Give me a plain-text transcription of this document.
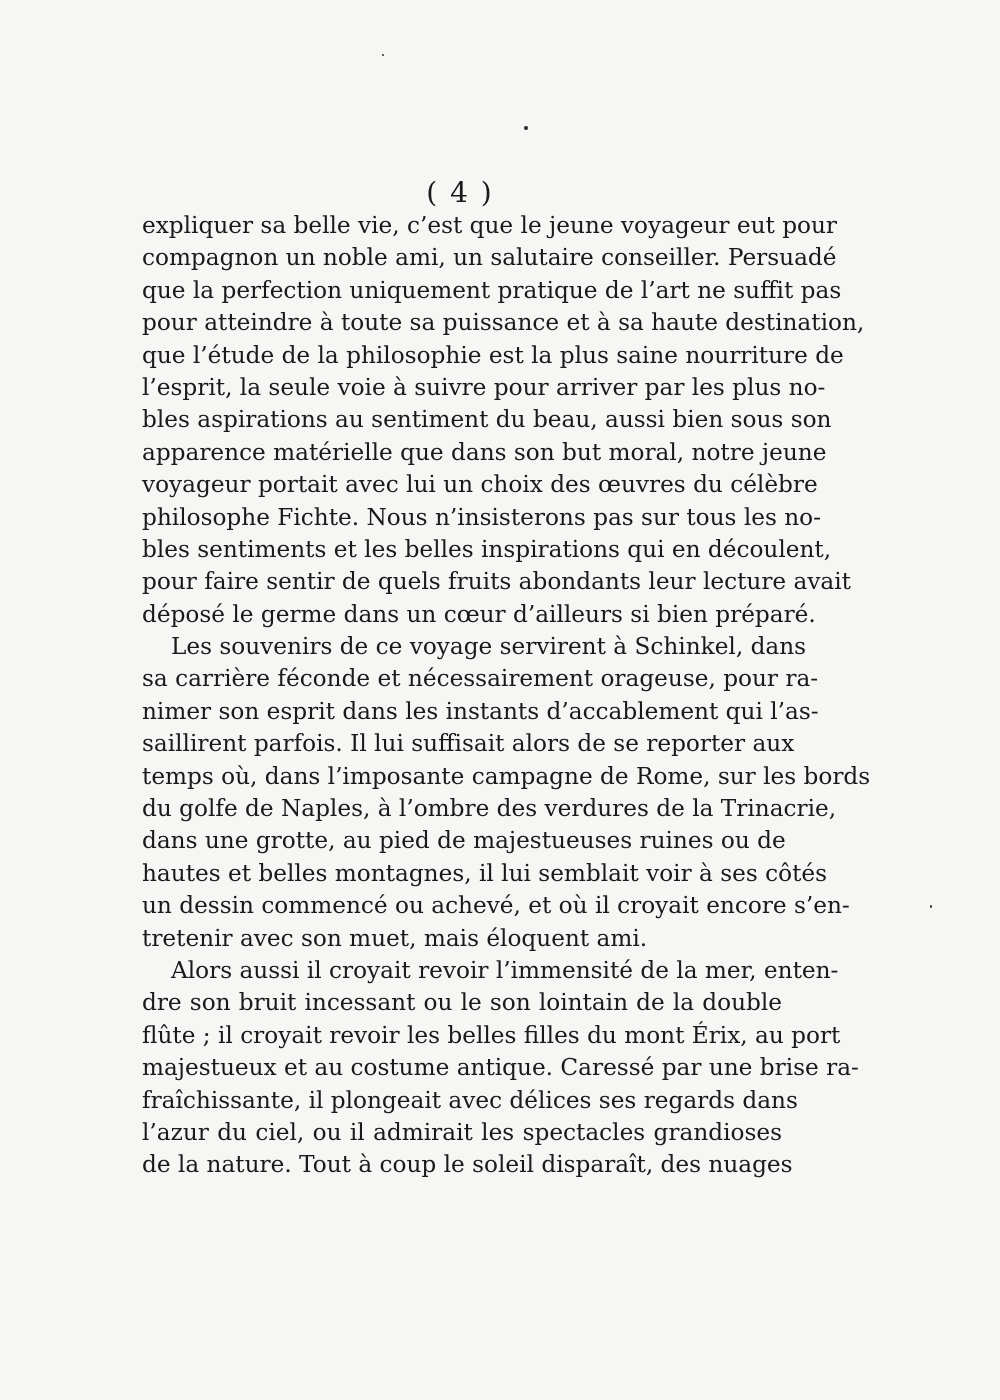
( 4 )
expliquer sa belle vie, c’est que le jeune voyageur eut pour
compagnon un noble ami, un salutaire conseiller. Persuadé
que la perfection uniquement pratique de l’art ne suffit pas
pour atteindre à toute sa puissance et à sa haute destination,
que l’étude de la philosophie est la plus saine nourriture de
l’esprit, la seule voie à suivre pour arriver par les plus no-
bles aspirations au sentiment du beau, aussi bien sous son
apparence matérielle que dans son but moral, notre jeune
voyageur portait avec lui un choix des œuvres du célèbre
philosophe Fichte. Nous n’insisterons pas sur tous les no-
bles sentiments et les belles inspirations qui en découlent,
pour faire sentir de quels fruits abondants leur lecture avait
déposé le germe dans un cœur d’ailleurs si bien préparé.
Les souvenirs de ce voyage servirent à Schinkel, dans
sa carrière féconde et nécessairement orageuse, pour ra-
nimer son esprit dans les instants d’accablement qui l’as-
saillirent parfois. Il lui suffisait alors de se reporter aux
temps où, dans l’imposante campagne de Rome, sur les bords
du golfe de Naples, à l’ombre des verdures de la Trinacrie,
dans une grotte, au pied de majestueuses ruines ou de
hautes et belles montagnes, il lui semblait voir à ses côtés
un dessin commencé ou achevé, et où il croyait encore s’en-
tretenir avec son muet, mais éloquent ami.
Alors aussi il croyait revoir l’immensité de la mer, enten-
dre son bruit incessant ou le son lointain de la double
flûte ; il croyait revoir les belles filles du mont Érix, au port
majestueux et au costume antique. Caressé par une brise ra-
fraîchissante, il plongeait avec délices ses regards dans
l’azur du ciel, ou il admirait les spectacles grandioses
de la nature. Tout à coup le soleil disparaît, des nuages
